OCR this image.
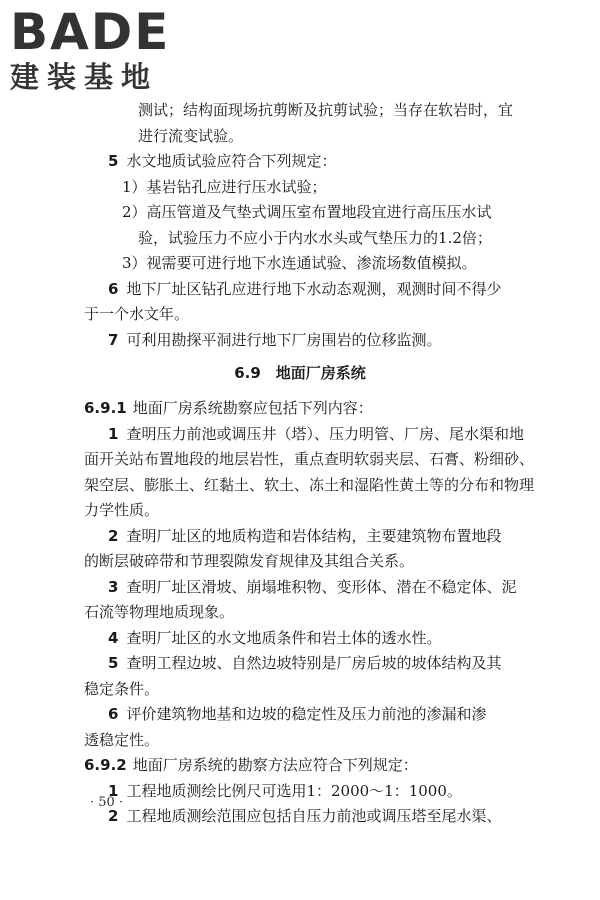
BADE
建装基地
测试；结构面现场抗剪断及抗剪试验；当存在软岩时，宜
进行流变试验。
5 水文地质试验应符合下列规定：
1）基岩钻孔应进行压水试验；
2）高压管道及气垫式调压室布置地段宜进行高压压水试
验，试验压力不应小于内水水头或气垫压力的1.2倍；
3）视需要可进行地下水连通试验、渗流场数值模拟。
6 地下厂址区钻孔应进行地下水动态观测，观测时间不得少
于一个水文年。
7 可利用勘探平洞进行地下厂房围岩的位移监测。
6.9　地面厂房系统
6.9.1 地面厂房系统勘察应包括下列内容：
1 查明压力前池或调压井（塔）、压力明管、厂房、尾水渠和地
面开关站布置地段的地层岩性，重点查明软弱夹层、石膏、粉细砂、
架空层、膨胀土、红黏土、软土、冻土和湿陷性黄土等的分布和物理
力学性质。
2 查明厂址区的地质构造和岩体结构，主要建筑物布置地段
的断层破碎带和节理裂隙发育规律及其组合关系。
3 查明厂址区滑坡、崩塌堆积物、变形体、潜在不稳定体、泥
石流等物理地质现象。
4 查明厂址区的水文地质条件和岩土体的透水性。
5 查明工程边坡、自然边坡特别是厂房后坡的坡体结构及其
稳定条件。
6 评价建筑物地基和边坡的稳定性及压力前池的渗漏和渗
透稳定性。
6.9.2 地面厂房系统的勘察方法应符合下列规定：
1 工程地质测绘比例尺可选用1：2000～1：1000。
2 工程地质测绘范围应包括自压力前池或调压塔至尾水渠、
· 50 ·
